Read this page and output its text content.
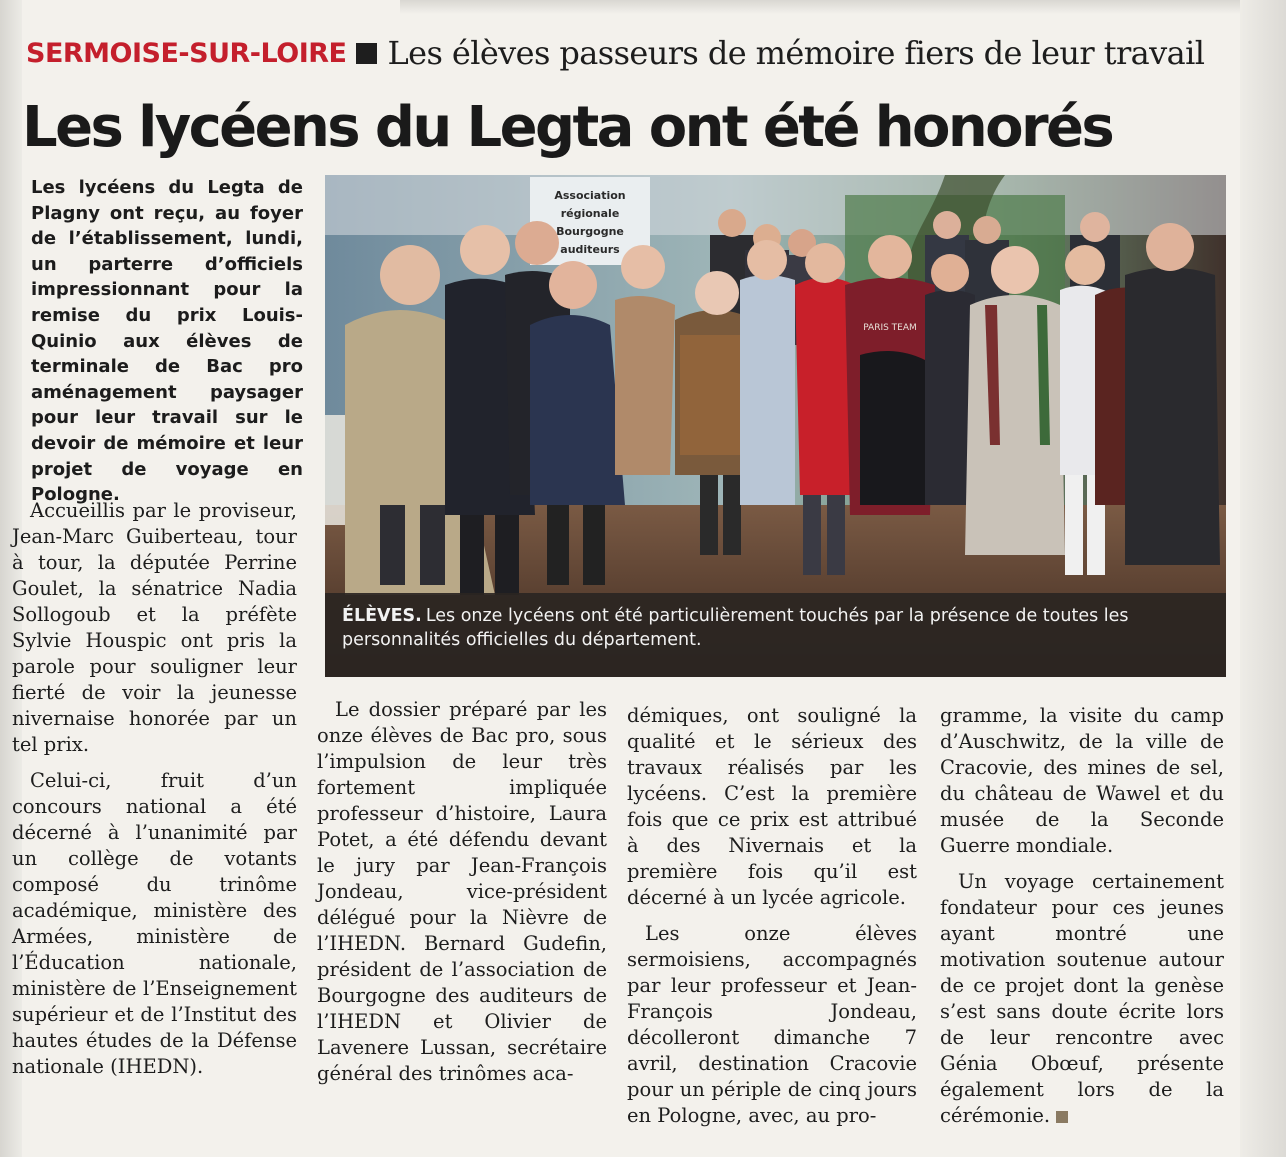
SERMOISE-SUR-LOIRE Les élèves passeurs de mémoire fiers de leur travail
Les lycéens du Legta ont été honorés

Les lycéens du Legta de Plagny ont reçu, au foyer de l’établissement, lundi, un parterre d’officiels impressionnant pour la remise du prix Louis-Quinio aux élèves de terminale de Bac pro aménagement paysager pour leur travail sur le devoir de mémoire et leur projet de voyage en Pologne.

Accueillis par le proviseur, Jean-Marc Guiberteau, tour à tour, la députée Perrine Goulet, la sénatrice Nadia Sollogoub et la préfète Sylvie Houspic ont pris la parole pour souligner leur fierté de voir la jeunesse nivernaise honorée par un tel prix.

Celui-ci, fruit d’un concours national a été décerné à l’unanimité par un collège de votants composé du trinôme académique, ministère des Armées, ministère de l’Éducation nationale, ministère de l’Enseignement supérieur et de l’Institut des hautes études de la Défense nationale (IHEDN).

Le dossier préparé par les onze élèves de Bac pro, sous l’impulsion de leur très fortement impliquée professeur d’histoire, Laura Potet, a été défendu devant le jury par Jean-François Jondeau, vice-président délégué pour la Nièvre de l’IHEDN. Bernard Gudefin, président de l’association de Bourgogne des auditeurs de l’IHEDN et Olivier de Lavenere Lussan, secrétaire général des trinômes aca-

démiques, ont souligné la qualité et le sérieux des travaux réalisés par les lycéens. C’est la première fois que ce prix est attribué à des Nivernais et la première fois qu’il est décerné à un lycée agricole.

Les onze élèves sermoisiens, accompagnés par leur professeur et Jean-François Jondeau, décolleront dimanche 7 avril, destination Cracovie pour un périple de cinq jours en Pologne, avec, au pro-

gramme, la visite du camp d’Auschwitz, de la ville de Cracovie, des mines de sel, du château de Wawel et du musée de la Seconde Guerre mondiale.

Un voyage certainement fondateur pour ces jeunes ayant montré une motivation soutenue autour de ce projet dont la genèse s’est sans doute écrite lors de leur rencontre avec Génia Obœuf, présente également lors de la cérémonie.

Association
régionale
Bourgogne
auditeurs
PARIS TEAM

ÉLÈVES. Les onze lycéens ont été particulièrement touchés par la présence de toutes les personnalités officielles du département.
